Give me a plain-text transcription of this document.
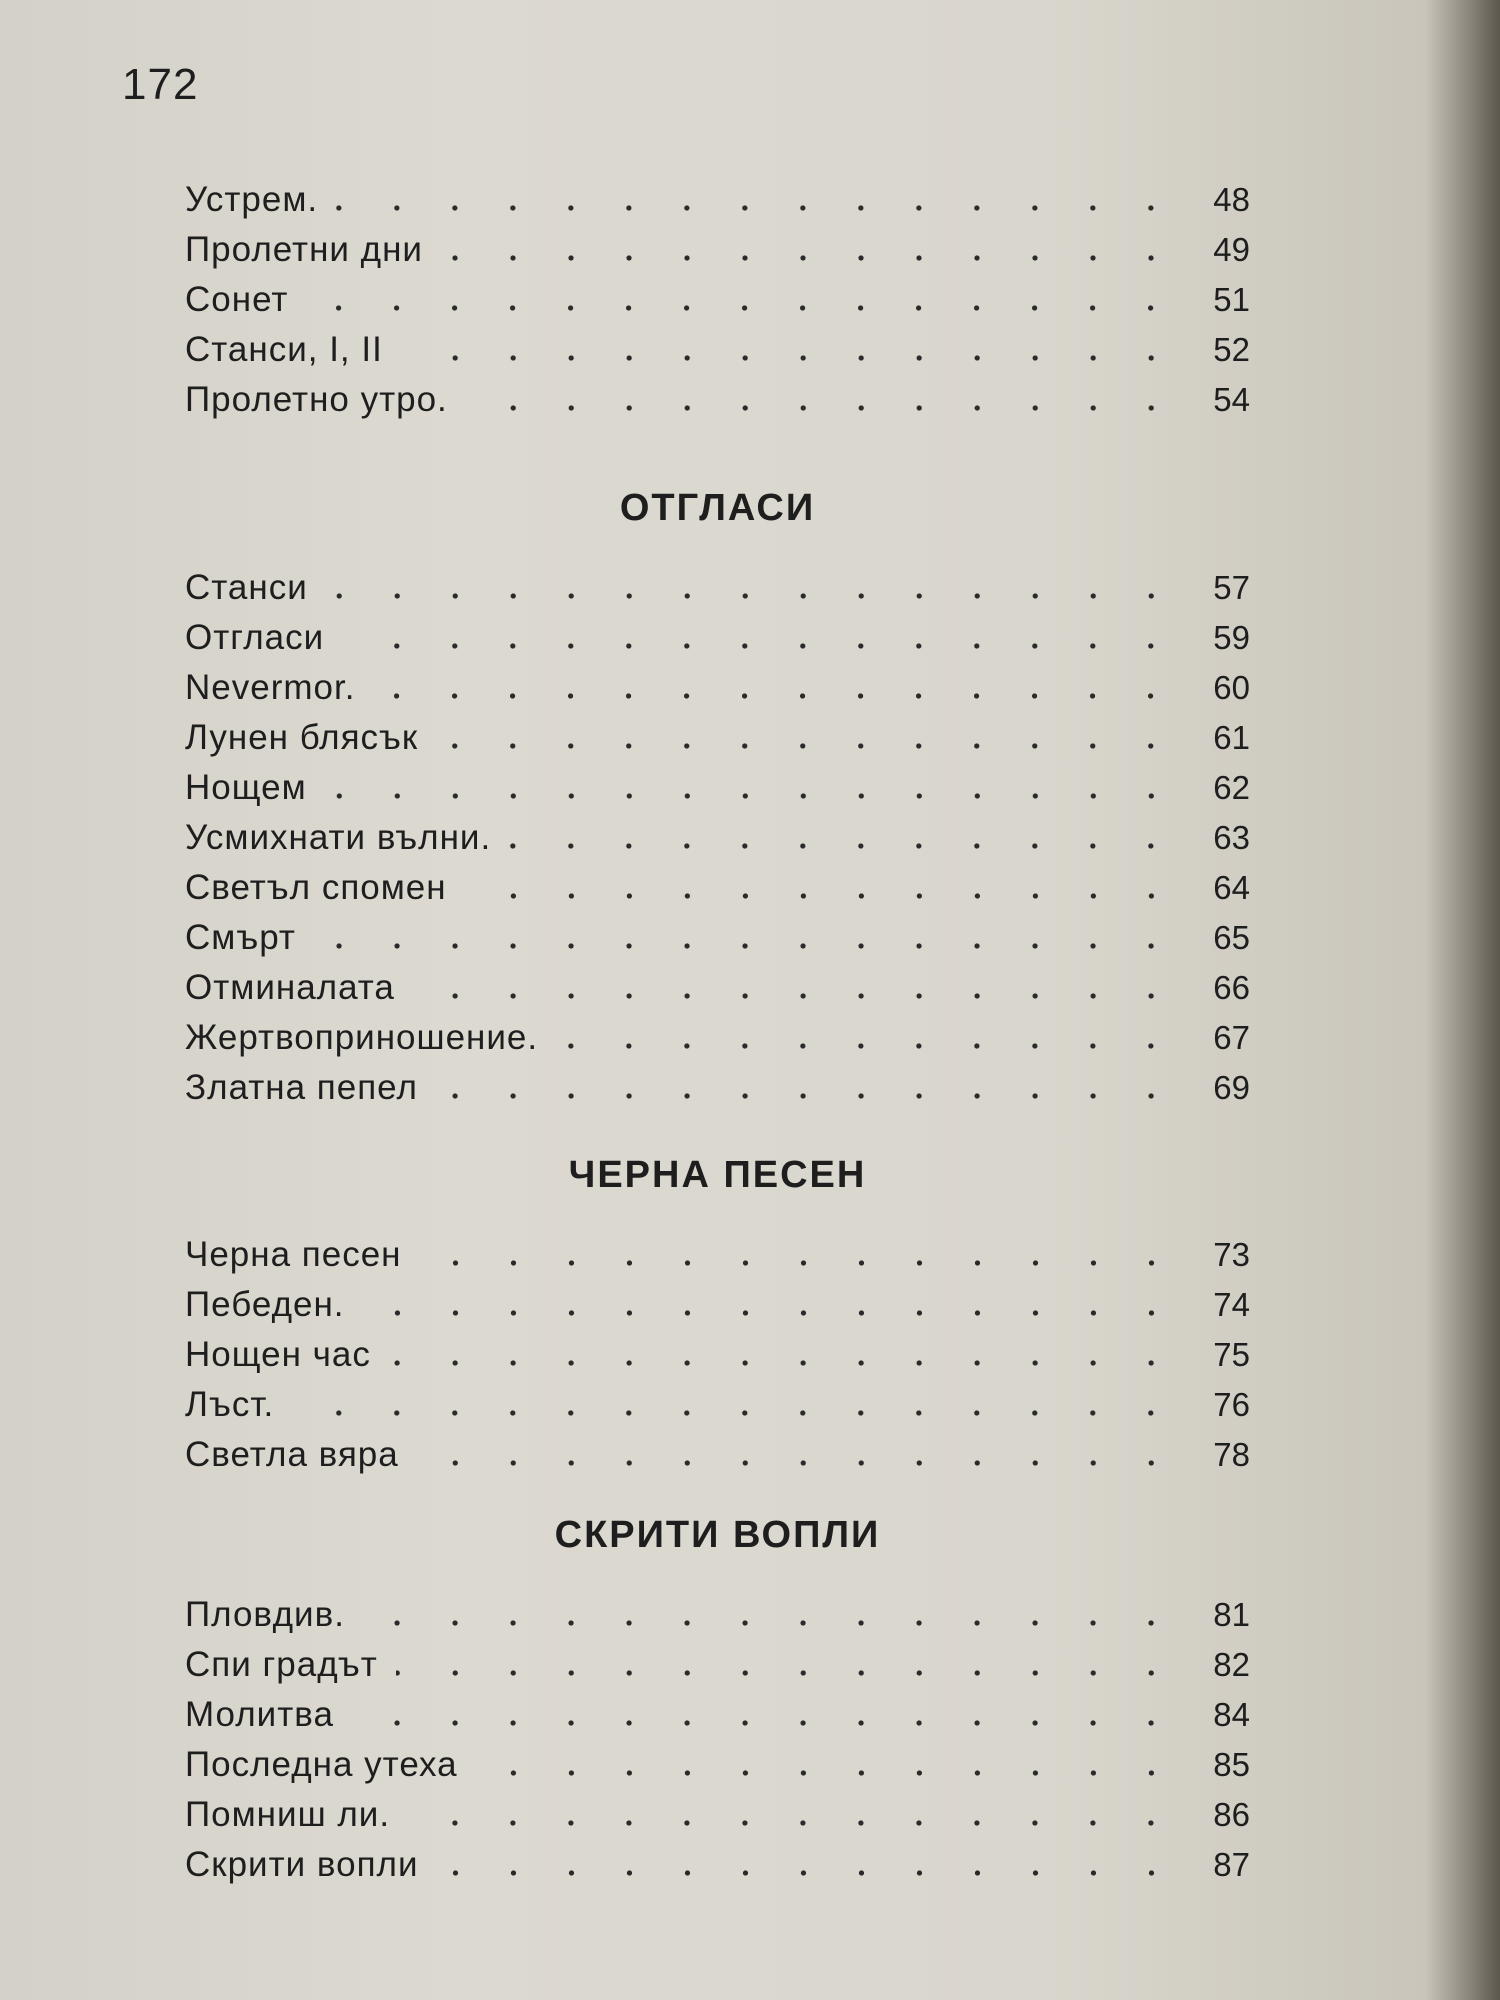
172
Устрем.	48
Пролетни дни	49
Сонет	51
Станси, I, II	52
Пролетно утро.	54
ОТГЛАСИ
Станси	57
Отгласи	59
Nevermor.	60
Лунен блясък	61
Нощем	62
Усмихнати вълни.	63
Светъл спомен	64
Смърт	65
Отминалата	66
Жертвоприношение.	67
Златна пепел	69
ЧЕРНА ПЕСЕН
Черна песен	73
Пебеден.	74
Нощен час	75
Лъст.	76
Светла вяра	78
СКРИТИ ВОПЛИ
Пловдив.	81
Спи градът	82
Молитва	84
Последна утеха	85
Помниш ли.	86
Скрити вопли	87
